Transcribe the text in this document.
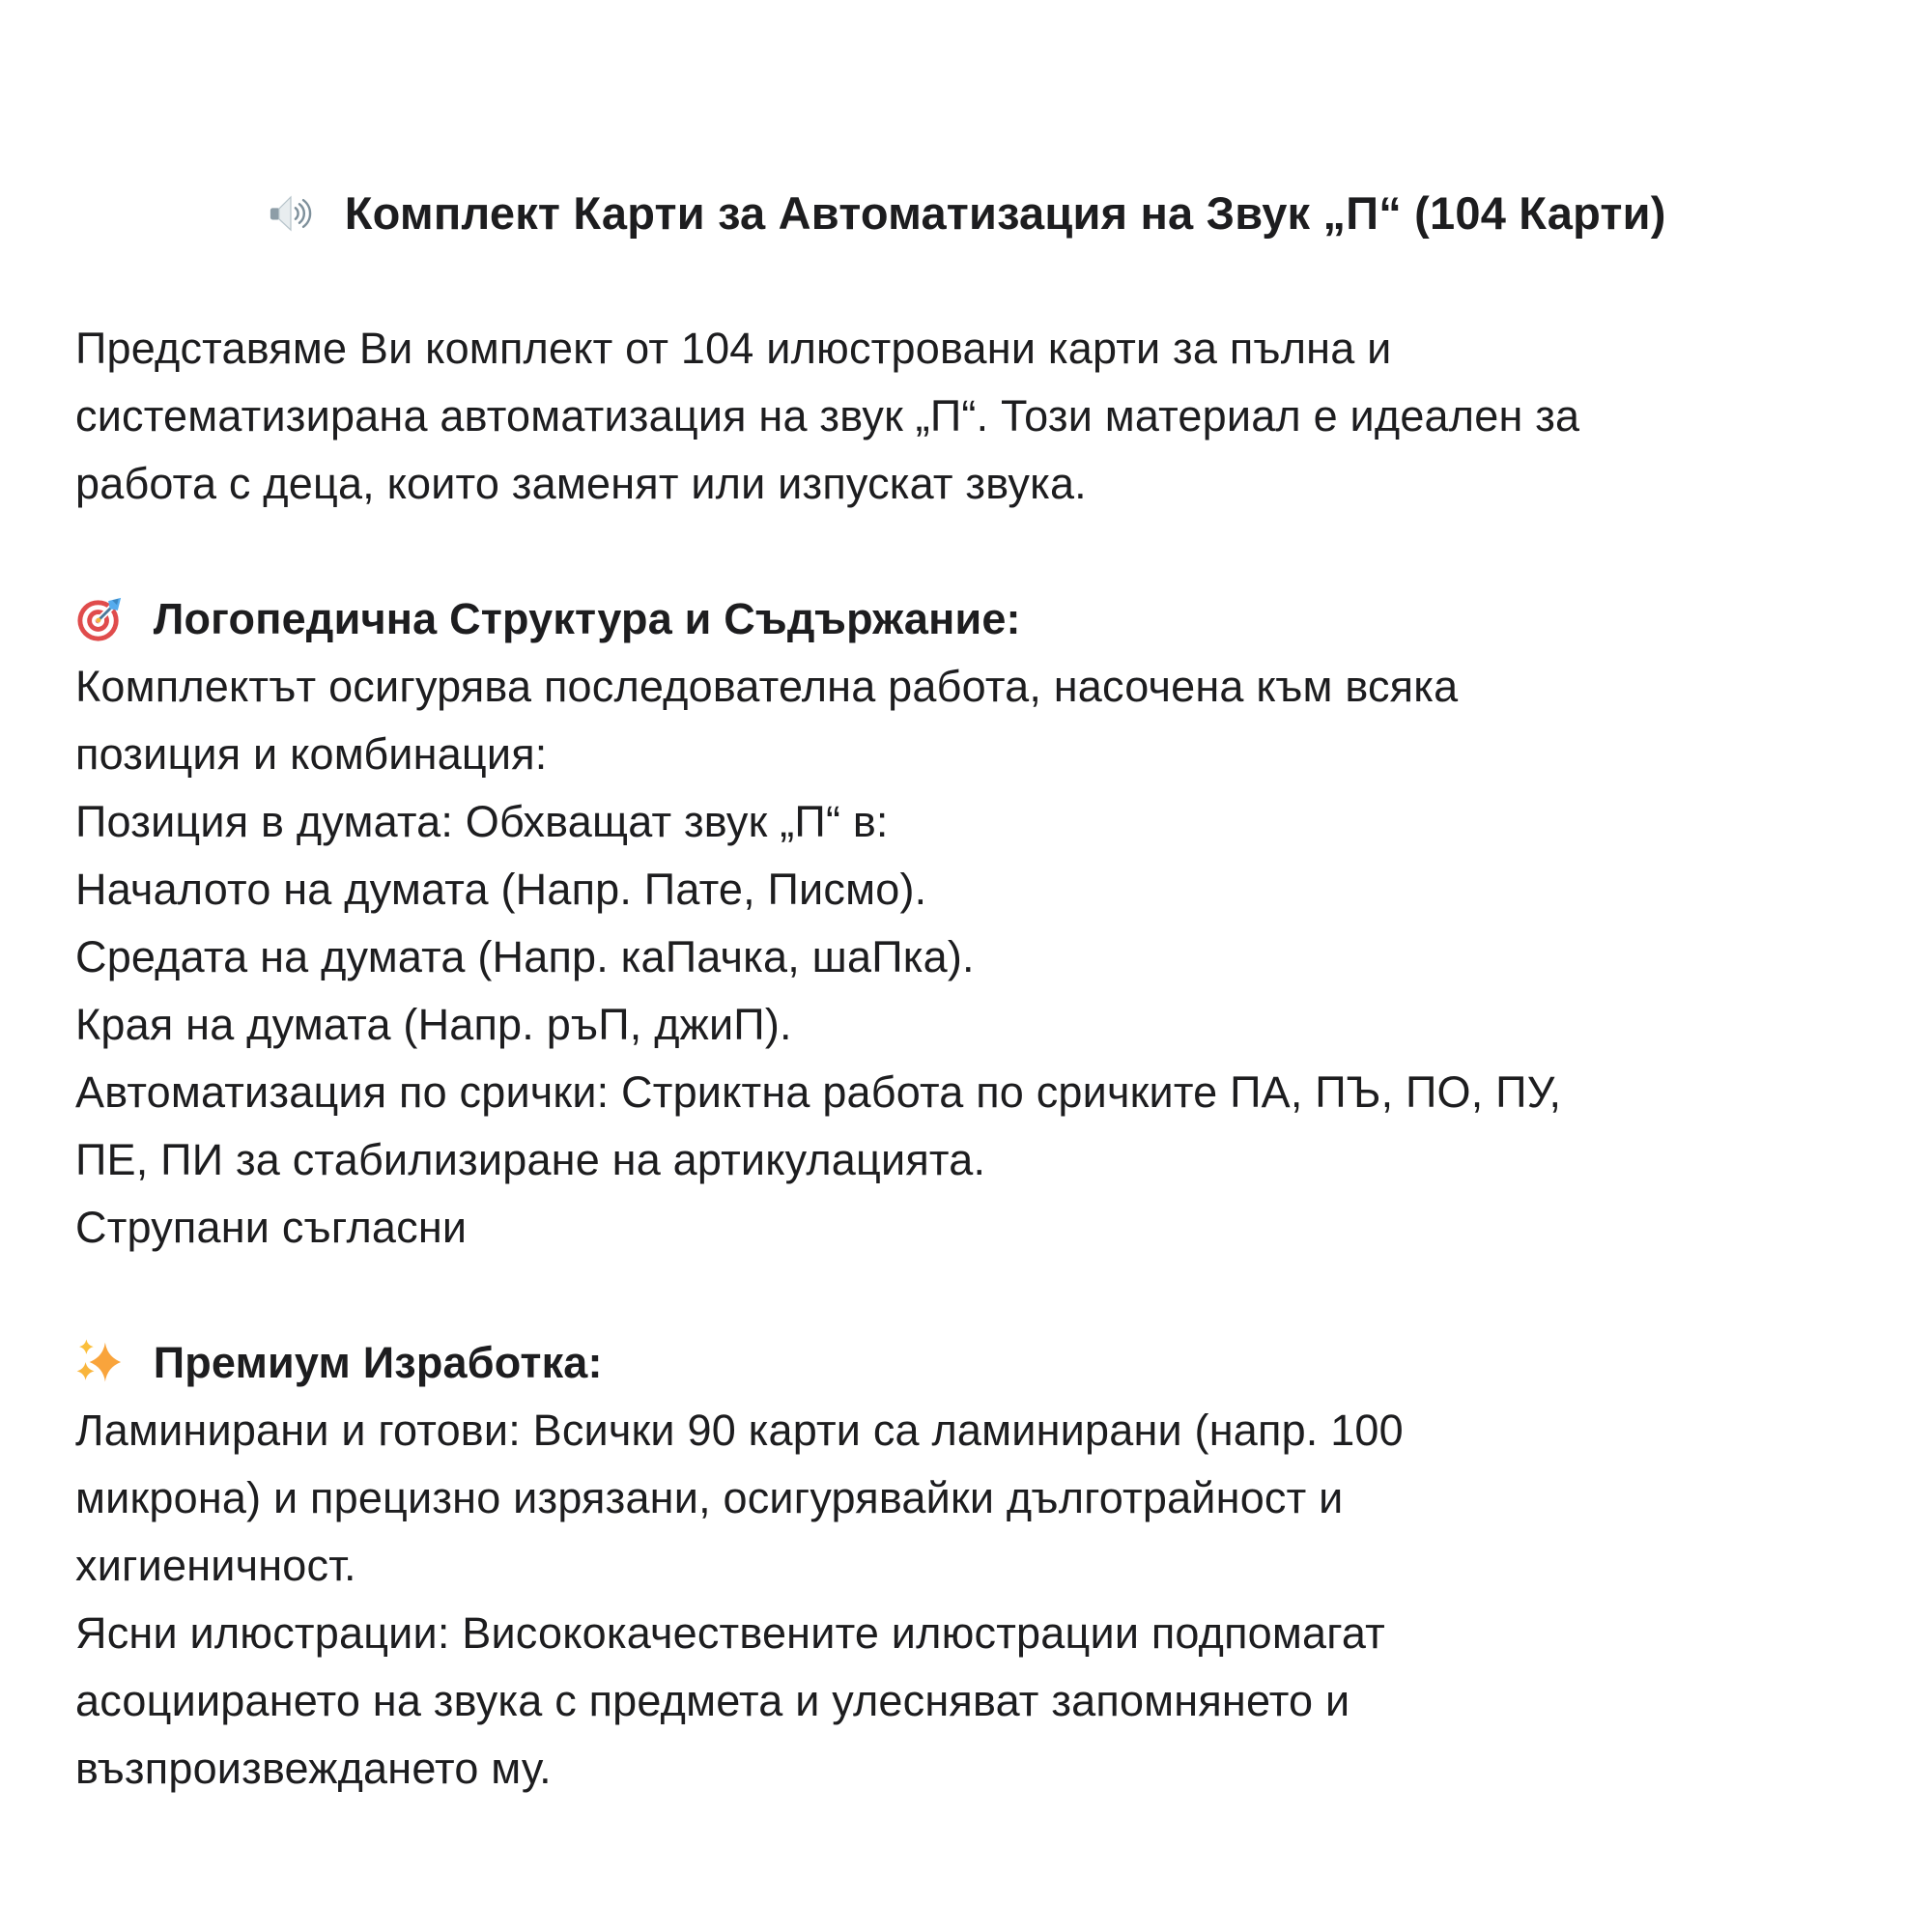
Комплект Карти за Автоматизация на Звук „П“ (104 Карти)
Представяме Ви комплект от 104 илюстровани карти за пълна и
систематизирана автоматизация на звук „П“. Този материал е идеален за
работа с деца, които заменят или изпускат звука.
Логопедична Структура и Съдържание:
Комплектът осигурява последователна работа, насочена към всяка
позиция и комбинация:
Позиция в думата: Обхващат звук „П“ в:
Началото на думата (Напр. Пате, Писмо).
Средата на думата (Напр. каПачка, шаПка).
Края на думата (Напр. ръП, джиП).
Автоматизация по срички: Стриктна работа по сричките ПА, ПЪ, ПО, ПУ,
ПЕ, ПИ за стабилизиране на артикулацията.
Струпани съгласни
Премиум Изработка:
Ламинирани и готови: Всички 90 карти са ламинирани (напр. 100
микрона) и прецизно изрязани, осигурявайки дълготрайност и
хигиеничност.
Ясни илюстрации: Висококачествените илюстрации подпомагат
асоциирането на звука с предмета и улесняват запомнянето и
възпроизвеждането му.
